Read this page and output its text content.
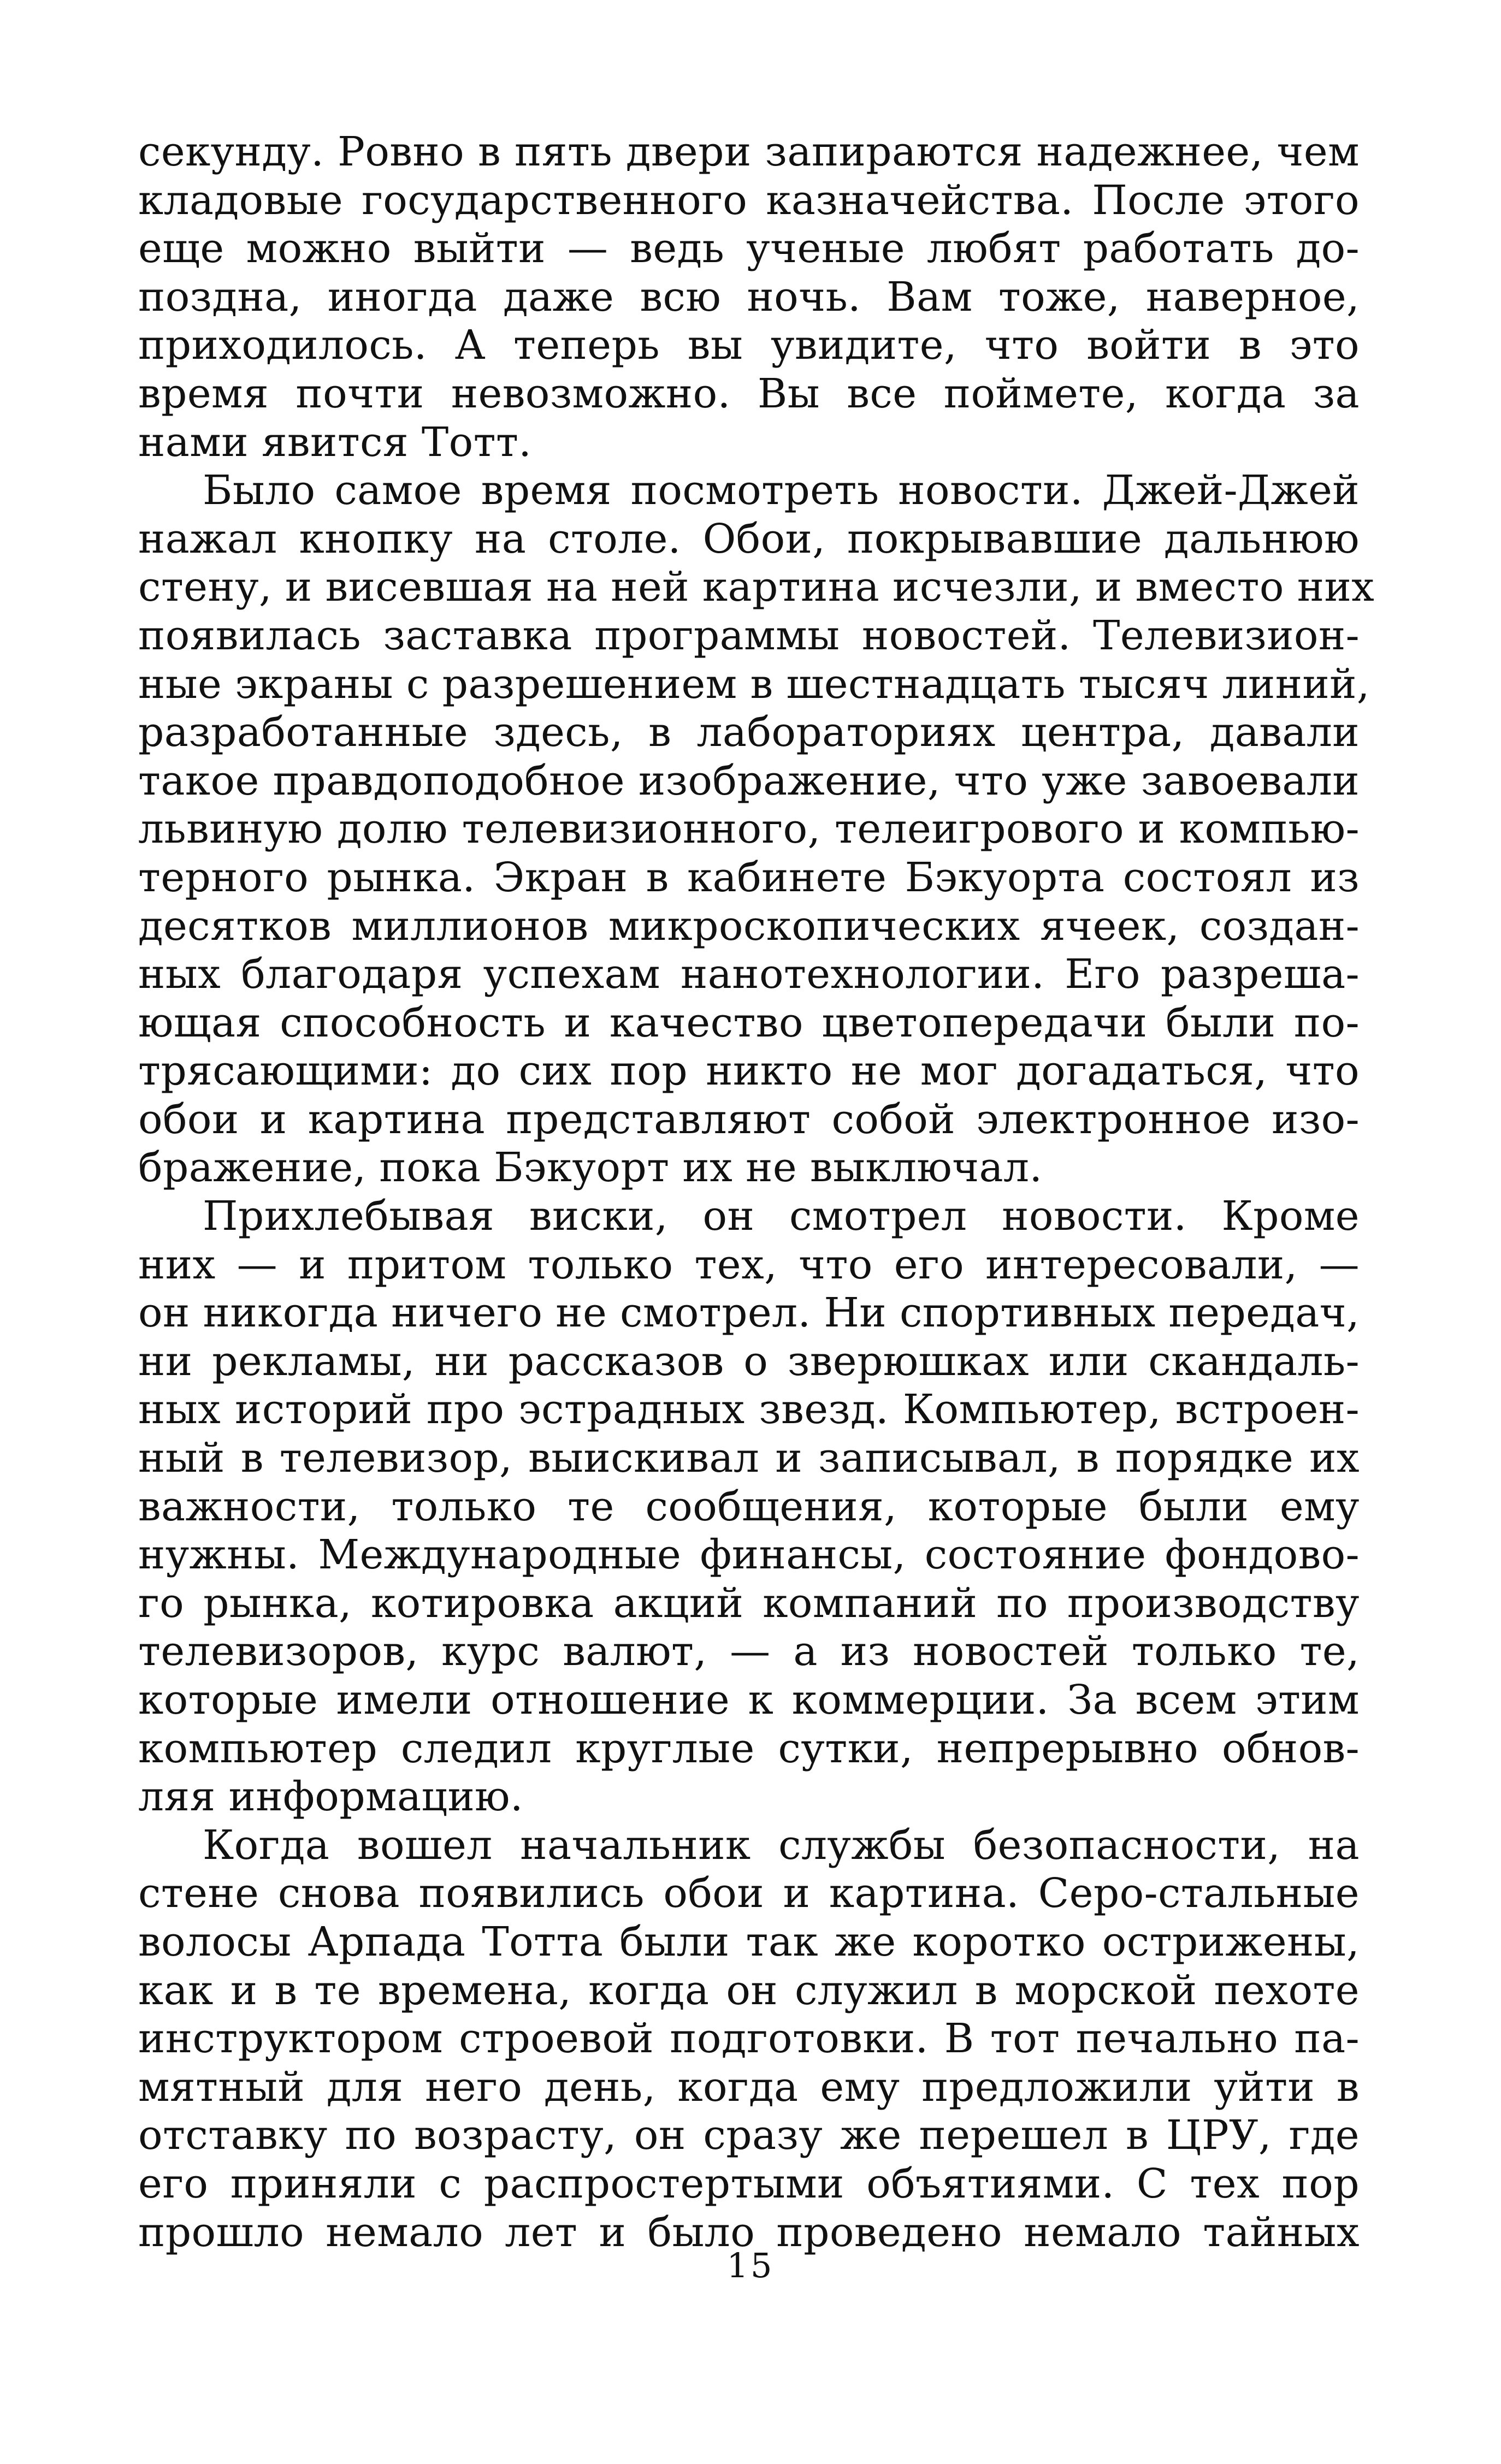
секунду. Ровно в пять двери запираются надежнее, чем
кладовые государственного казначейства. После этого
еще можно выйти — ведь ученые любят работать до-
поздна, иногда даже всю ночь. Вам тоже, наверное,
приходилось. А теперь вы увидите, что войти в это
время почти невозможно. Вы все поймете, когда за
нами явится Тотт.
Было самое время посмотреть новости. Джей-Джей
нажал кнопку на столе. Обои, покрывавшие дальнюю
стену, и висевшая на ней картина исчезли, и вместо них
появилась заставка программы новостей. Телевизион-
ные экраны с разрешением в шестнадцать тысяч линий,
разработанные здесь, в лабораториях центра, давали
такое правдоподобное изображение, что уже завоевали
львиную долю телевизионного, телеигрового и компью-
терного рынка. Экран в кабинете Бэкуорта состоял из
десятков миллионов микроскопических ячеек, создан-
ных благодаря успехам нанотехнологии. Его разреша-
ющая способность и качество цветопередачи были по-
трясающими: до сих пор никто не мог догадаться, что
обои и картина представляют собой электронное изо-
бражение, пока Бэкуорт их не выключал.
Прихлебывая виски, он смотрел новости. Кроме
них — и притом только тех, что его интересовали, —
он никогда ничего не смотрел. Ни спортивных передач,
ни рекламы, ни рассказов о зверюшках или скандаль-
ных историй про эстрадных звезд. Компьютер, встроен-
ный в телевизор, выискивал и записывал, в порядке их
важности, только те сообщения, которые были ему
нужны. Международные финансы, состояние фондово-
го рынка, котировка акций компаний по производству
телевизоров, курс валют, — а из новостей только те,
которые имели отношение к коммерции. За всем этим
компьютер следил круглые сутки, непрерывно обнов-
ляя информацию.
Когда вошел начальник службы безопасности, на
стене снова появились обои и картина. Серо-стальные
волосы Арпада Тотта были так же коротко острижены,
как и в те времена, когда он служил в морской пехоте
инструктором строевой подготовки. В тот печально па-
мятный для него день, когда ему предложили уйти в
отставку по возрасту, он сразу же перешел в ЦРУ, где
его приняли с распростертыми объятиями. С тех пор
прошло немало лет и было проведено немало тайных
15
